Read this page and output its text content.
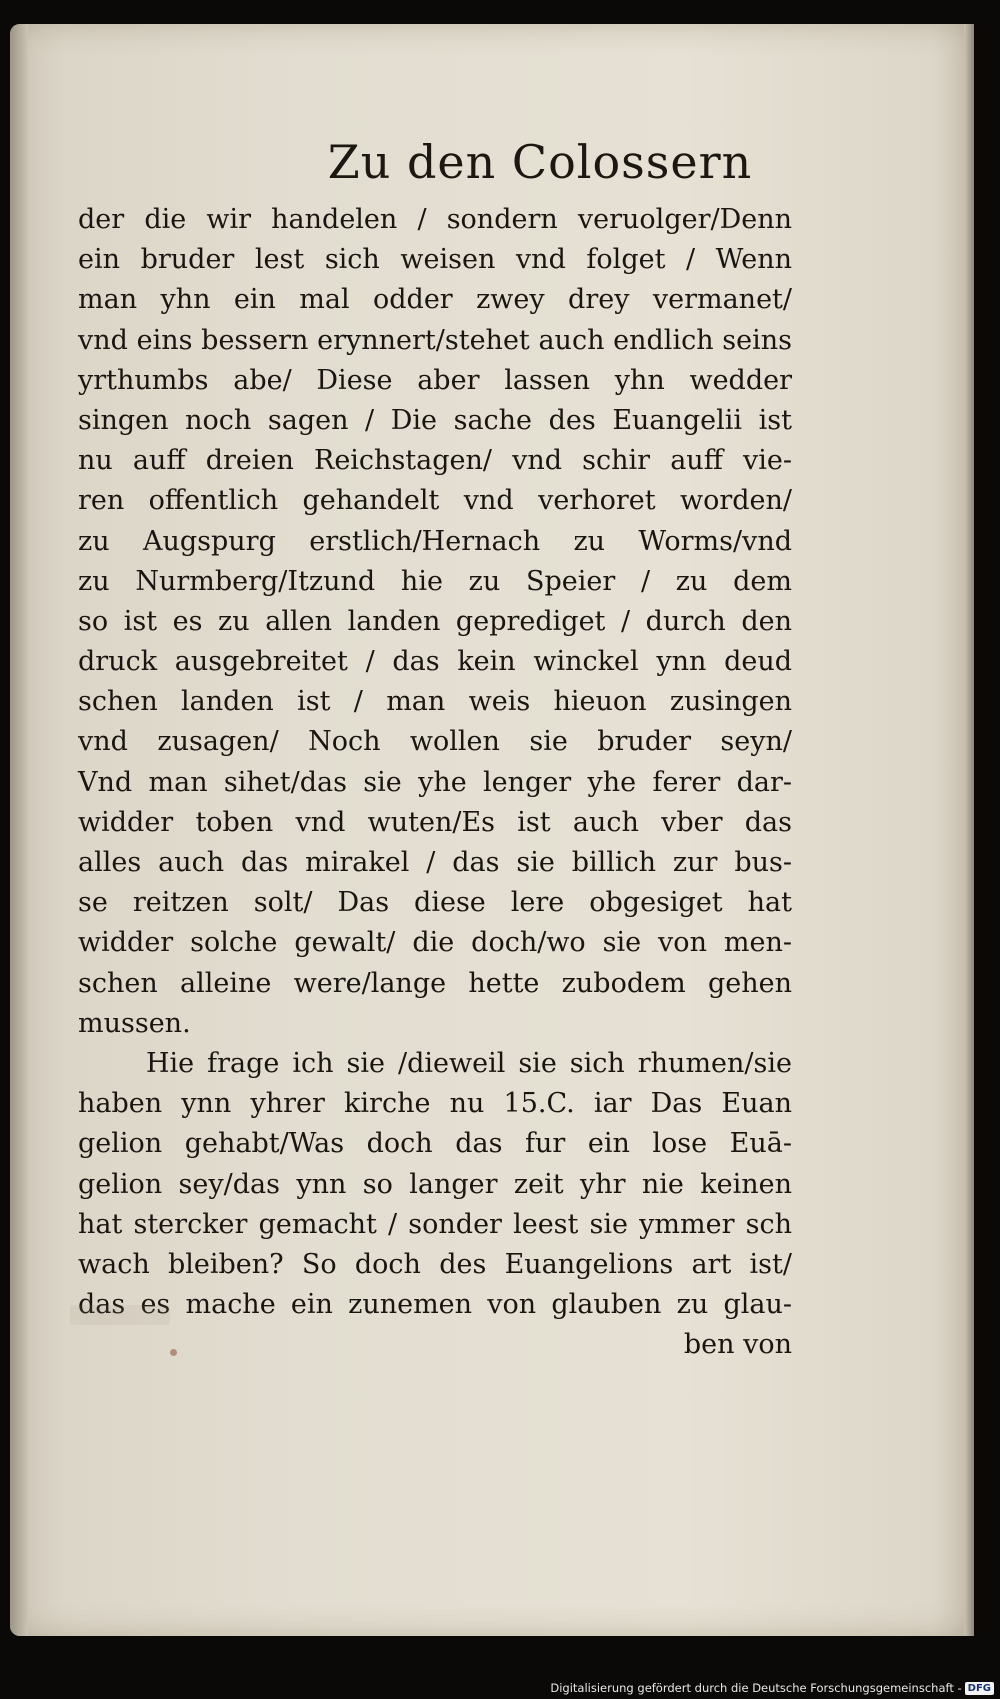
Zu den Colossern
der die wir handelen / sondern veruolger/Denn
ein bruder lest sich weisen vnd folget / Wenn
man yhn ein mal odder zwey drey vermanet/
vnd eins bessern erynnert/stehet auch endlich seins
yrthumbs abe/ Diese aber lassen yhn wedder
singen noch sagen / Die sache des Euangelii ist
nu auff dreien Reichstagen/ vnd schir auff vie-
ren offentlich gehandelt vnd verhoret worden/
zu Augspurg erstlich/Hernach zu Worms/vnd
zu Nurmberg/Itzund hie zu Speier / zu dem
so ist es zu allen landen geprediget / durch den
druck ausgebreitet / das kein winckel ynn deud
schen landen ist / man weis hieuon zusingen
vnd zusagen/ Noch wollen sie bruder seyn/
Vnd man sihet/das sie yhe lenger yhe ferer dar-
widder toben vnd wuten/Es ist auch vber das
alles auch das mirakel / das sie billich zur bus-
se reitzen solt/ Das diese lere obgesiget hat
widder solche gewalt/ die doch/wo sie von men-
schen alleine were/lange hette zubodem gehen
mussen.
Hie frage ich sie /dieweil sie sich rhumen/sie
haben ynn yhrer kirche nu 15.C. iar Das Euan
gelion gehabt/Was doch das fur ein lose Euā-
gelion sey/das ynn so langer zeit yhr nie keinen
hat stercker gemacht / sonder leest sie ymmer sch
wach bleiben? So doch des Euangelions art ist/
das es mache ein zunemen von glauben zu glau-
ben von
Digitalisierung gefördert durch die Deutsche Forschungsgemeinschaft - DFG
